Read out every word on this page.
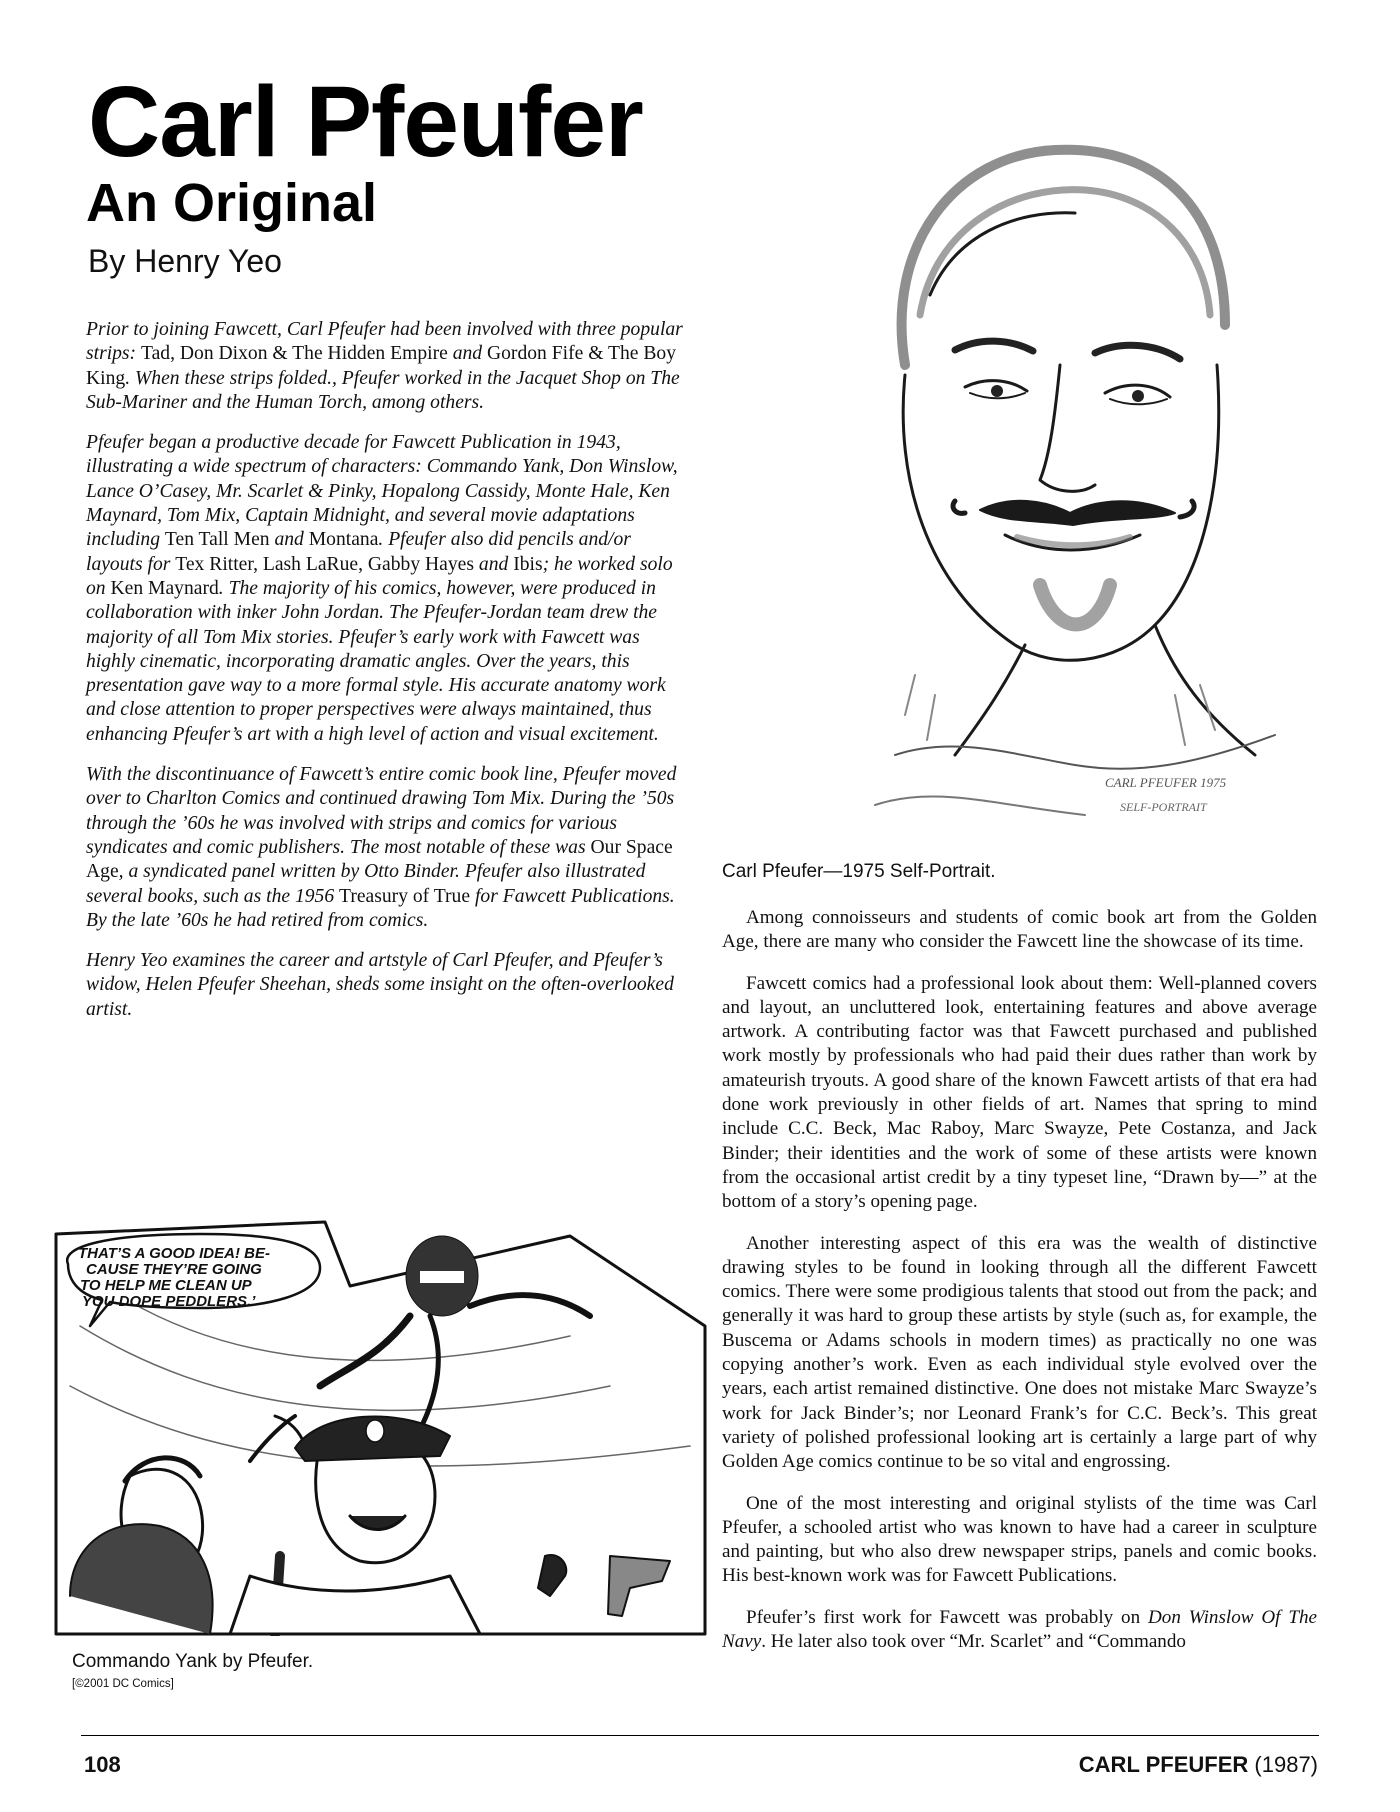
Carl Pfeufer
An Original
By Henry Yeo

Prior to joining Fawcett, Carl Pfeufer had been involved with three popular strips: Tad, Don Dixon & The Hidden Empire and Gordon Fife & The Boy King. When these strips folded., Pfeufer worked in the Jacquet Shop on The Sub-Mariner and the Human Torch, among others.

Pfeufer began a productive decade for Fawcett Publication in 1943, illustrating a wide spectrum of characters: Commando Yank, Don Winslow, Lance O’Casey, Mr. Scarlet & Pinky, Hopalong Cassidy, Monte Hale, Ken Maynard, Tom Mix, Captain Midnight, and several movie adaptations including Ten Tall Men and Montana. Pfeufer also did pencils and/or layouts for Tex Ritter, Lash LaRue, Gabby Hayes and Ibis; he worked solo on Ken Maynard. The majority of his comics, however, were produced in collaboration with inker John Jordan. The Pfeufer-Jordan team drew the majority of all Tom Mix stories. Pfeufer’s early work with Fawcett was highly cinematic, incorporating dramatic angles. Over the years, this presentation gave way to a more formal style. His accurate anatomy work and close attention to proper perspectives were always maintained, thus enhancing Pfeufer’s art with a high level of action and visual excitement.

With the discontinuance of Fawcett’s entire comic book line, Pfeufer moved over to Charlton Comics and continued drawing Tom Mix. During the ’50s through the ’60s he was involved with strips and comics for various syndicates and comic publishers. The most notable of these was Our Space Age, a syndicated panel written by Otto Binder. Pfeufer also illustrated several books, such as the 1956 Treasury of True for Fawcett Publications. By the late ’60s he had retired from comics.

Henry Yeo examines the career and artstyle of Carl Pfeufer, and Pfeufer’s widow, Helen Pfeufer Sheehan, sheds some insight on the often-overlooked artist.

CARL PFEUFER 1975
SELF-PORTRAIT
Carl Pfeufer—1975 Self-Portrait.

Among connoisseurs and students of comic book art from the Golden Age, there are many who consider the Fawcett line the showcase of its time.

Fawcett comics had a professional look about them: Well-planned covers and layout, an uncluttered look, entertaining features and above average artwork. A contributing factor was that Fawcett purchased and published work mostly by professionals who had paid their dues rather than work by amateurish tryouts. A good share of the known Fawcett artists of that era had done work previously in other fields of art. Names that spring to mind include C.C. Beck, Mac Raboy, Marc Swayze, Pete Costanza, and Jack Binder; their identities and the work of some of these artists were known from the occasional artist credit by a tiny typeset line, “Drawn by—” at the bottom of a story’s opening page.

Another interesting aspect of this era was the wealth of distinctive drawing styles to be found in looking through all the different Fawcett comics. There were some prodigious talents that stood out from the pack; and generally it was hard to group these artists by style (such as, for example, the Buscema or Adams schools in modern times) as practically no one was copying another’s work. Even as each individual style evolved over the years, each artist remained distinctive. One does not mistake Marc Swayze’s work for Jack Binder’s; nor Leonard Frank’s for C.C. Beck’s. This great variety of polished professional looking art is certainly a large part of why Golden Age comics continue to be so vital and engrossing.

One of the most interesting and original stylists of the time was Carl Pfeufer, a schooled artist who was known to have had a career in sculpture and painting, but who also drew newspaper strips, panels and comic books. His best-known work was for Fawcett Publications.

Pfeufer’s first work for Fawcett was probably on Don Winslow Of The Navy. He later also took over “Mr. Scarlet” and “Commando

THAT’S A GOOD IDEA! BE-
CAUSE THEY’RE GOING
TO HELP ME CLEAN UP
YOU DOPE PEDDLERS.’
Commando Yank by Pfeufer.
[©2001 DC Comics]
108	CARL PFEUFER (1987)
